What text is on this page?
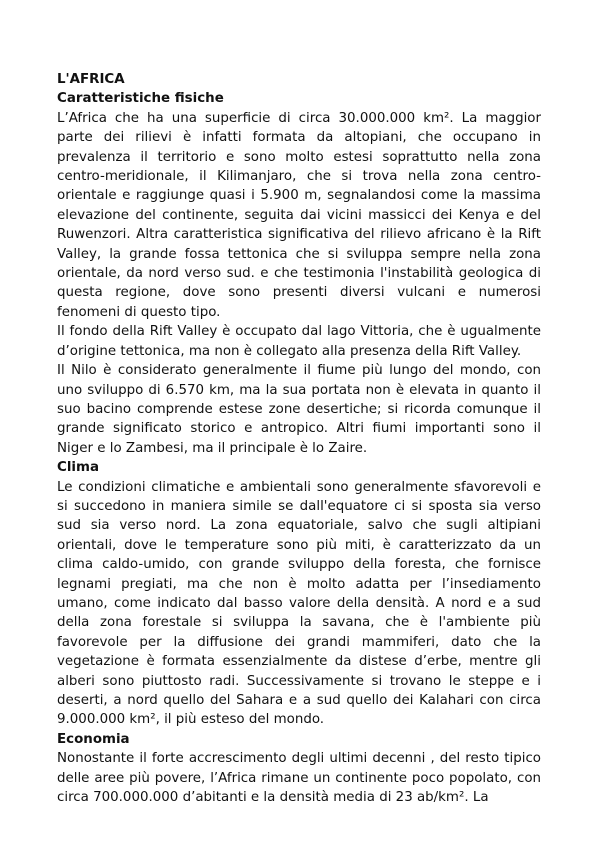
L'AFRICA

Caratteristiche fisiche

L’Africa che ha una superficie di circa 30.000.000 km². La maggior parte dei rilievi è infatti formata da altopiani, che occupano in prevalenza il territorio e sono molto estesi soprattutto nella zona centro-meridionale, il Kilimanjaro, che si trova nella zona centro-orientale e raggiunge quasi i 5.900 m, segnalandosi come la massima elevazione del continente, seguita dai vicini massicci dei Kenya e del Ruwenzori. Altra caratteristica significativa del rilievo africano è la Rift Valley, la grande fossa tettonica che si sviluppa sempre nella zona orientale, da nord verso sud. e che testimonia l'instabilità geologica di questa regione, dove sono presenti diversi vulcani e numerosi fenomeni di questo tipo.

Il fondo della Rift Valley è occupato dal lago Vittoria, che è ugualmente d’origine tettonica, ma non è collegato alla presenza della Rift Valley.

Il Nilo è considerato generalmente il fiume più lungo del mondo, con uno sviluppo di 6.570 km, ma la sua portata non è elevata in quanto il suo bacino comprende estese zone desertiche; si ricorda comunque il grande significato storico e antropico. Altri fiumi importanti sono il Niger e lo Zambesi, ma il principale è lo Zaire.

Clima

Le condizioni climatiche e ambientali sono generalmente sfavorevoli e si succedono in maniera simile se dall'equatore ci si sposta sia verso sud sia verso nord. La zona equatoriale, salvo che sugli altipiani orientali, dove le temperature sono più miti, è caratterizzato da un clima caldo-umido, con grande sviluppo della foresta, che fornisce legnami pregiati, ma che non è molto adatta per l’insediamento umano, come indicato dal basso valore della densità. A nord e a sud della zona forestale si sviluppa la savana, che è l'ambiente più favorevole per la diffusione dei grandi mammiferi, dato che la vegetazione è formata essenzialmente da distese d’erbe, mentre gli alberi sono piuttosto radi. Successivamente si trovano le steppe e i deserti, a nord quello del Sahara e a sud quello dei Kalahari con circa 9.000.000 km², il più esteso del mondo.

Economia

Nonostante il forte accrescimento degli ultimi decenni , del resto tipico delle aree più povere, l’Africa rimane un continente poco popolato, con circa 700.000.000 d’abitanti e la densità media di 23 ab/km². La
